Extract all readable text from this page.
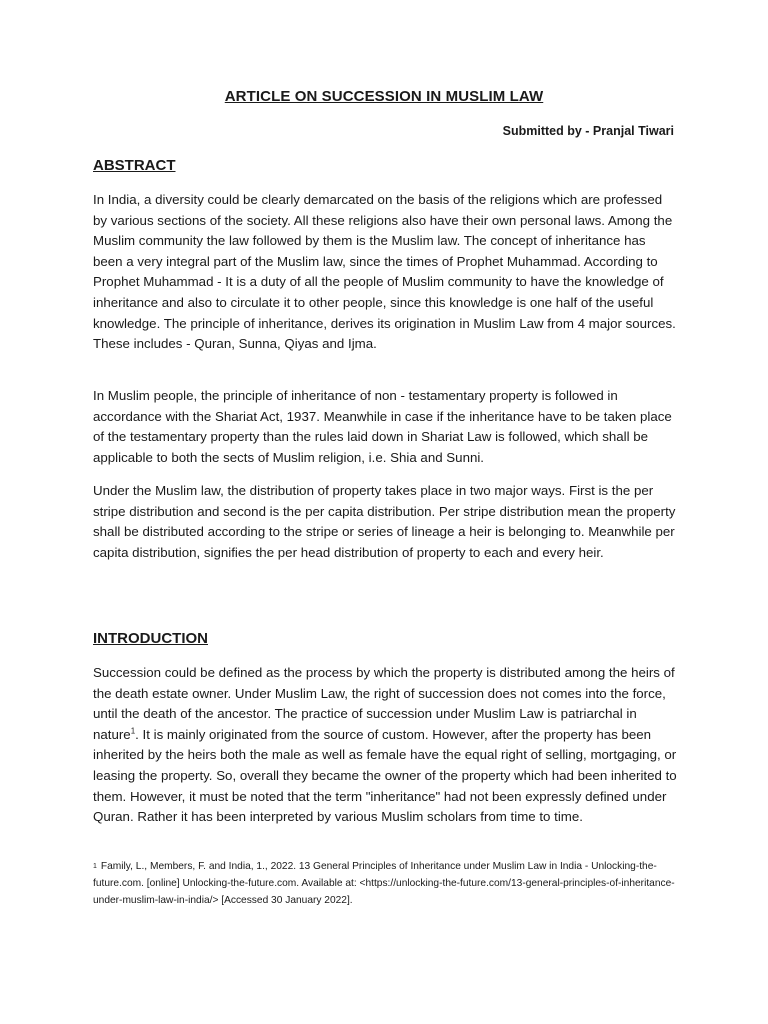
ARTICLE ON SUCCESSION IN MUSLIM LAW
Submitted by - Pranjal Tiwari
ABSTRACT

In India, a diversity could be clearly demarcated on the basis of the religions which are professed by various sections of the society. All these religions also have their own personal laws. Among the Muslim community the law followed by them is the Muslim law. The concept of inheritance has been a very integral part of the Muslim law, since the times of Prophet Muhammad. According to Prophet Muhammad - It is a duty of all the people of Muslim community to have the knowledge of inheritance and also to circulate it to other people, since this knowledge is one half of the useful knowledge. The principle of inheritance, derives its origination in Muslim Law from 4 major sources. These includes - Quran, Sunna, Qiyas and Ijma.

In Muslim people, the principle of inheritance of non - testamentary property is followed in accordance with the Shariat Act, 1937. Meanwhile in case if the inheritance have to be taken place of the testamentary property than the rules laid down in Shariat Law is followed, which shall be applicable to both the sects of Muslim religion, i.e. Shia and Sunni.

Under the Muslim law, the distribution of property takes place in two major ways. First is the per stripe distribution and second is the per capita distribution. Per stripe distribution mean the property shall be distributed according to the stripe or series of lineage a heir is belonging to. Meanwhile per capita distribution, signifies the per head distribution of property to each and every heir.

INTRODUCTION

Succession could be defined as the process by which the property is distributed among the heirs of the death estate owner. Under Muslim Law, the right of succession does not comes into the force, until the death of the ancestor. The practice of succession under Muslim Law is patriarchal in nature$^1$. It is mainly originated from the source of custom. However, after the property has been inherited by the heirs both the male as well as female have the equal right of selling, mortgaging, or leasing the property. So, overall they became the owner of the property which had been inherited to them. However, it must be noted that the term "inheritance" had not been expressly defined under Quran. Rather it has been interpreted by various Muslim scholars from time to time.

$^1$ Family, L., Members, F. and India, 1., 2022. 13 General Principles of Inheritance under Muslim Law in India - Unlocking-the-future.com. [online] Unlocking-the-future.com. Available at: <https://unlocking-the-future.com/13-general-principles-of-inheritance-under-muslim-law-in-india/> [Accessed 30 January 2022].
